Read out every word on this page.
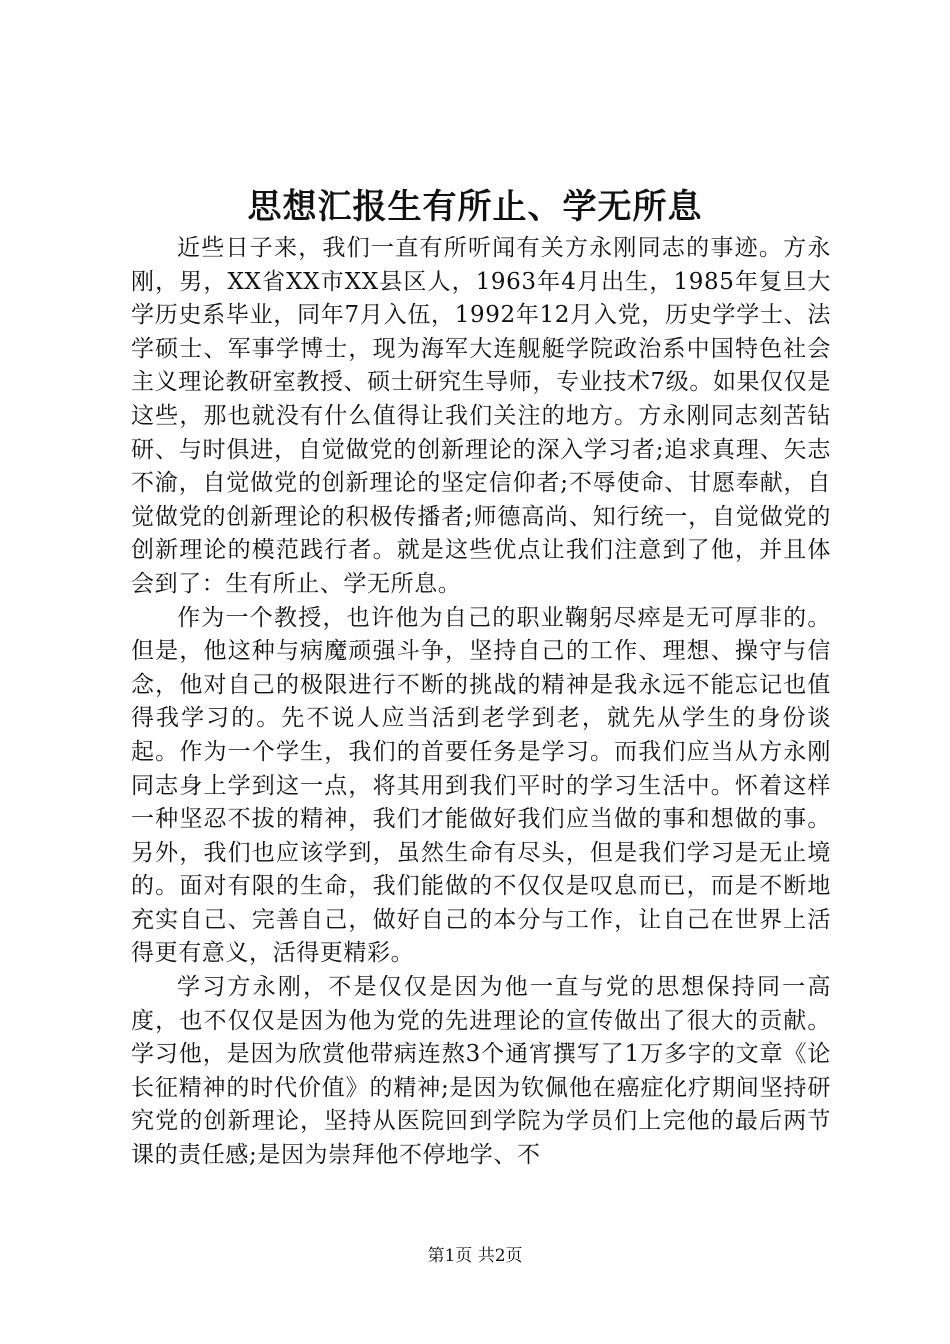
思想汇报生有所止、学无所息

近些日子来，我们一直有所听闻有关方永刚同志的事迹。方永刚，男，XX省XX市XX县区人，1963年4月出生，1985年复旦大学历史系毕业，同年7月入伍，1992年12月入党，历史学学士、法学硕士、军事学博士，现为海军大连舰艇学院政治系中国特色社会主义理论教研室教授、硕士研究生导师，专业技术7级。如果仅仅是这些，那也就没有什么值得让我们关注的地方。方永刚同志刻苦钻研、与时俱进，自觉做党的创新理论的深入学习者;追求真理、矢志不渝，自觉做党的创新理论的坚定信仰者;不辱使命、甘愿奉献，自觉做党的创新理论的积极传播者;师德高尚、知行统一，自觉做党的创新理论的模范践行者。就是这些优点让我们注意到了他，并且体会到了：生有所止、学无所息。

作为一个教授，也许他为自己的职业鞠躬尽瘁是无可厚非的。但是，他这种与病魔顽强斗争，坚持自己的工作、理想、操守与信念，他对自己的极限进行不断的挑战的精神是我永远不能忘记也值得我学习的。先不说人应当活到老学到老，就先从学生的身份谈起。作为一个学生，我们的首要任务是学习。而我们应当从方永刚同志身上学到这一点，将其用到我们平时的学习生活中。怀着这样一种坚忍不拔的精神，我们才能做好我们应当做的事和想做的事。另外，我们也应该学到，虽然生命有尽头，但是我们学习是无止境的。面对有限的生命，我们能做的不仅仅是叹息而已，而是不断地充实自己、完善自己，做好自己的本分与工作，让自己在世界上活得更有意义，活得更精彩。

学习方永刚，不是仅仅是因为他一直与党的思想保持同一高度，也不仅仅是因为他为党的先进理论的宣传做出了很大的贡献。学习他，是因为欣赏他带病连熬3个通宵撰写了1万多字的文章《论长征精神的时代价值》的精神;是因为钦佩他在癌症化疗期间坚持研究党的创新理论，坚持从医院回到学院为学员们上完他的最后两节课的责任感;是因为崇拜他不停地学、不

第1页 共2页
